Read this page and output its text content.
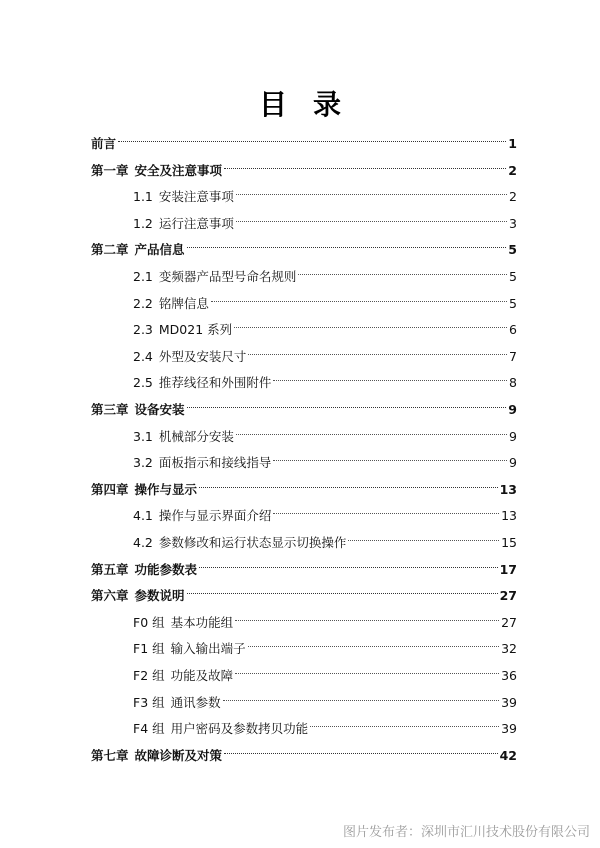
目录
前言	1
第一章 安全及注意事项	2
1.1 安装注意事项	2
1.2 运行注意事项	3
第二章 产品信息	5
2.1 变频器产品型号命名规则	5
2.2 铭牌信息	5
2.3 MD021 系列	6
2.4 外型及安装尺寸	7
2.5 推荐线径和外围附件	8
第三章 设备安装	9
3.1 机械部分安装	9
3.2 面板指示和接线指导	9
第四章 操作与显示	13
4.1 操作与显示界面介绍	13
4.2 参数修改和运行状态显示切换操作	15
第五章 功能参数表	17
第六章 参数说明	27
F0 组 基本功能组	27
F1 组 输入输出端子	32
F2 组 功能及故障	36
F3 组 通讯参数	39
F4 组 用户密码及参数拷贝功能	39
第七章 故障诊断及对策	42
图片发布者：深圳市汇川技术股份有限公司
